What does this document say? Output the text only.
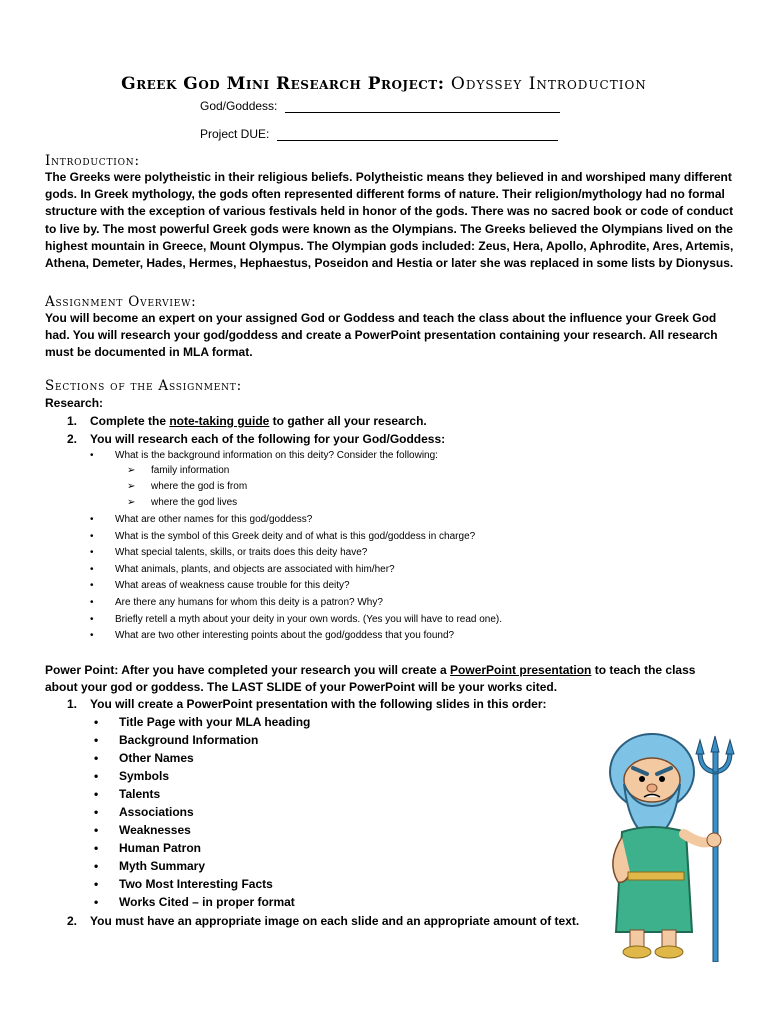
Greek God Mini Research Project: Odyssey Introduction
God/Goddess:
Project DUE:
Introduction:
The Greeks were polytheistic in their religious beliefs. Polytheistic means they believed in and worshiped many different gods. In Greek mythology, the gods often represented different forms of nature. Their religion/mythology had no formal structure with the exception of various festivals held in honor of the gods. There was no sacred book or code of conduct to live by. The most powerful Greek gods were known as the Olympians. The Greeks believed the Olympians lived on the highest mountain in Greece, Mount Olympus. The Olympian gods included: Zeus, Hera, Apollo, Aphrodite, Ares, Artemis, Athena, Demeter, Hades, Hermes, Hephaestus, Poseidon and Hestia or later she was replaced in some lists by Dionysus.
Assignment Overview:
You will become an expert on your assigned God or Goddess and teach the class about the influence your Greek God had. You will research your god/goddess and create a PowerPoint presentation containing your research. All research must be documented in MLA format.
Sections of the Assignment:
Research:
1. Complete the note-taking guide to gather all your research.
2. You will research each of the following for your God/Goddess:
• What is the background information on this deity? Consider the following:
➢ family information
➢ where the god is from
➢ where the god lives
• What are other names for this god/goddess?
• What is the symbol of this Greek deity and of what is this god/goddess in charge?
• What special talents, skills, or traits does this deity have?
• What animals, plants, and objects are associated with him/her?
• What areas of weakness cause trouble for this deity?
• Are there any humans for whom this deity is a patron? Why?
• Briefly retell a myth about your deity in your own words. (Yes you will have to read one).
• What are two other interesting points about the god/goddess that you found?
Power Point: After you have completed your research you will create a PowerPoint presentation to teach the class
about your god or goddess. The LAST SLIDE of your PowerPoint will be your works cited.
1. You will create a PowerPoint presentation with the following slides in this order:
• Title Page with your MLA heading
• Background Information
• Other Names
• Symbols
• Talents
• Associations
• Weaknesses
• Human Patron
• Myth Summary
• Two Most Interesting Facts
• Works Cited – in proper format
2. You must have an appropriate image on each slide and an appropriate amount of text.
